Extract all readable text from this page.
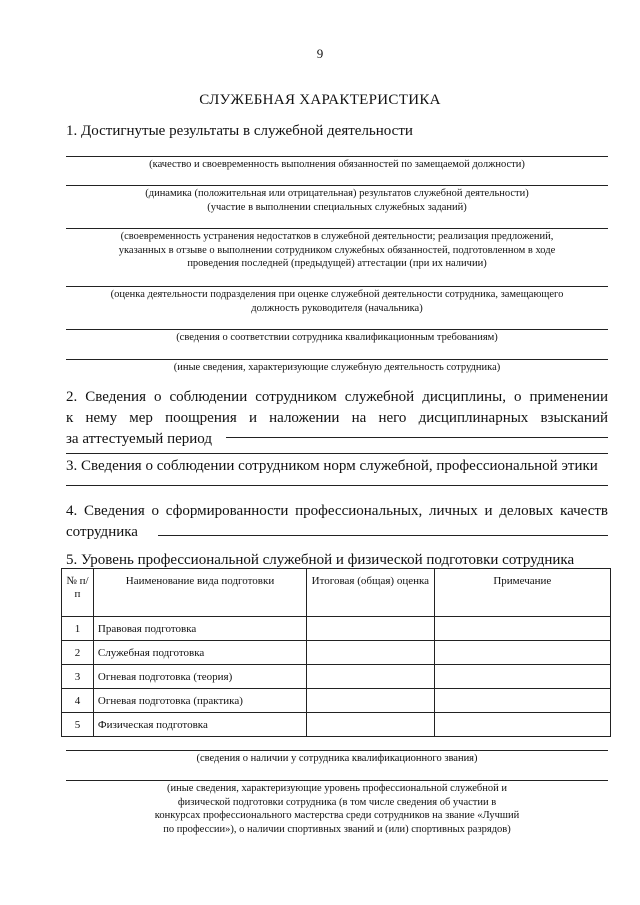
9
СЛУЖЕБНАЯ ХАРАКТЕРИСТИКА
1. Достигнутые результаты в служебной деятельности
(качество и своевременность выполнения обязанностей по замещаемой должности)
(динамика (положительная или отрицательная) результатов служебной деятельности)
(участие в выполнении специальных служебных заданий)
(своевременность устранения недостатков в служебной деятельности; реализация предложений,
указанных в отзыве о выполнении сотрудником служебных обязанностей, подготовленном в ходе
проведения последней (предыдущей) аттестации (при их наличии)
(оценка деятельности подразделения при оценке служебной деятельности сотрудника, замещающего
должность руководителя (начальника)
(сведения о соответствии сотрудника квалификационным требованиям)
(иные сведения, характеризующие служебную деятельность сотрудника)
2. Сведения о соблюдении сотрудником служебной дисциплины, о применении
к нему мер поощрения и наложении на него дисциплинарных взысканий
за аттестуемый период
3. Сведения о соблюдении сотрудником норм служебной, профессиональной этики
4. Сведения о сформированности профессиональных, личных и деловых качеств
сотрудника
5. Уровень профессиональной служебной и физической подготовки сотрудника
№ п/п	Наименование вида подготовки	Итоговая (общая) оценка	Примечание
1	Правовая подготовка		
2	Служебная подготовка		
3	Огневая подготовка (теория)		
4	Огневая подготовка (практика)		
5	Физическая подготовка		
(сведения о наличии у сотрудника квалификационного звания)
(иные сведения, характеризующие уровень профессиональной служебной и
физической подготовки сотрудника (в том числе сведения об участии в
конкурсах профессионального мастерства среди сотрудников на звание «Лучший
по профессии»), о наличии спортивных званий и (или) спортивных разрядов)
